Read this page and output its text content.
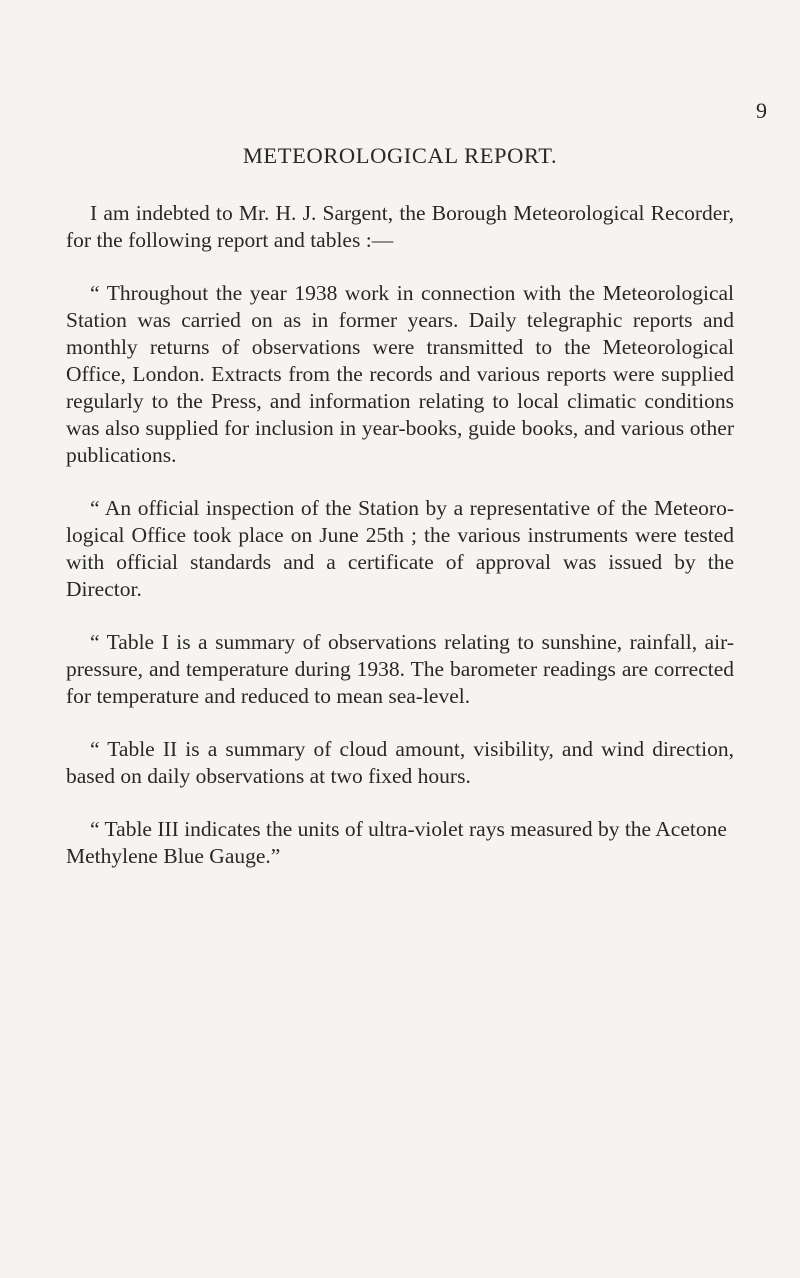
9
METEOROLOGICAL REPORT.

I am indebted to Mr. H. J. Sargent, the Borough Meteorological Recorder, for the following report and tables :—

“ Throughout the year 1938 work in connection with the Meteorological Station was carried on as in former years. Daily telegraphic reports and monthly returns of observations were transmitted to the Meteorological Office, London. Extracts from the records and various reports were supplied regularly to the Press, and information relating to local climatic conditions was also supplied for inclusion in year-books, guide books, and various other publications.

“ An official inspection of the Station by a representative of the Meteoro-logical Office took place on June 25th ; the various instruments were tested with official standards and a certificate of approval was issued by the Director.

“ Table I is a summary of observations relating to sunshine, rainfall, air-pressure, and temperature during 1938. The barometer readings are corrected for temperature and reduced to mean sea-level.

“ Table II is a summary of cloud amount, visibility, and wind direction, based on daily observations at two fixed hours.

“ Table III indicates the units of ultra-violet rays measured by the Acetone Methylene Blue Gauge.”
